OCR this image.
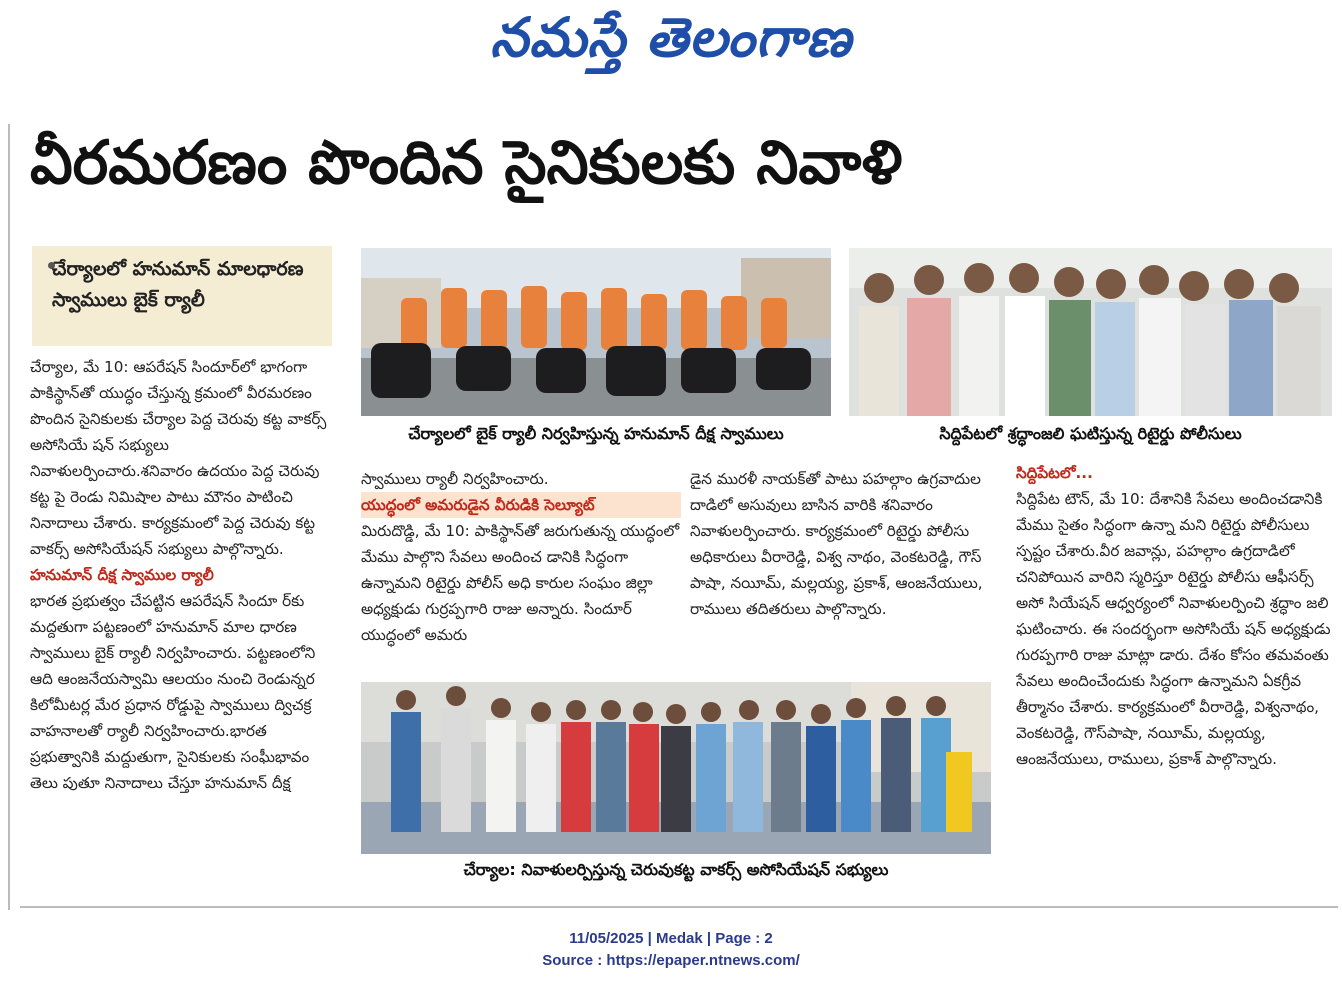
నమస్తే తెలంగాణ
వీరమరణం పొందిన సైనికులకు నివాళి
చేర్యాలలో హనుమాన్ మాలధారణ స్వాములు బైక్ ర్యాలీ

చేర్యాల, మే 10: ఆపరేషన్ సిందూర్‌లో భాగంగా పాకిస్థాన్‌తో యుద్ధం చేస్తున్న క్రమంలో వీరమరణం పొందిన సైనికులకు చేర్యాల పెద్ద చెరువు కట్ట వాకర్స్ అసోసియే షన్ సభ్యులు నివాళులర్పించారు.శనివారం ఉదయం పెద్ద చెరువు కట్ట పై రెండు నిమిషాల పాటు మౌనం పాటించి నినాదాలు చేశారు. కార్యక్రమంలో పెద్ద చెరువు కట్ట వాకర్స్ అసోసియేషన్ సభ్యులు పాల్గొన్నారు.

హనుమాన్ దీక్ష స్వాముల ర్యాలీ

భారత ప్రభుత్వం చేపట్టిన ఆపరేషన్ సిందూ ర్‌కు మద్దతుగా పట్టణంలో హనుమాన్ మాల ధారణ స్వాములు బైక్ ర్యాలీ నిర్వహించారు. పట్టణంలోని ఆది ఆంజనేయస్వామి ఆలయం నుంచి రెండున్నర కిలోమీటర్ల మేర ప్రధాన రోడ్డుపై స్వాములు ద్విచక్ర వాహనాలతో ర్యాలీ నిర్వహించారు.భారత ప్రభుత్వానికి మద్దుతుగా, సైనికులకు సంఘీభావం తెలు పుతూ నినాదాలు చేస్తూ హనుమాన్ దీక్ష

చేర్యాలలో బైక్ ర్యాలీ నిర్వహిస్తున్న హనుమాన్ దీక్ష స్వాములు	సిద్దిపేటలో శ్రద్ధాంజలి ఘటిస్తున్న రిటైర్డు పోలీసులు

స్వాములు ర్యాలీ నిర్వహించారు.

యుద్ధంలో అమరుడైన వీరుడికి సెల్యూట్

మిరుదొడ్డి, మే 10: పాకిస్థాన్‌తో జరుగుతున్న యుద్ధంలో మేము పాల్గొని సేవలు అందించ డానికి సిద్ధంగా ఉన్నామని రిటైర్డు పోలీస్ అధి కారుల సంఘం జిల్లా అధ్యక్షుడు గుర్రప్పగారి రాజు అన్నారు. సిందూర్ యుద్ధంలో అమరు

డైన మురళీ నాయక్‌తో పాటు పహల్గాం ఉగ్రవాదుల దాడిలో అసువులు బాసిన వారికి శనివారం నివాళులర్పించారు. కార్యక్రమంలో రిటైర్డు పోలీసు అధికారులు వీరారెడ్డి, విశ్వ నాథం, వెంకటరెడ్డి, గౌస్ పాషా, నయీమ్, మల్లయ్య, ప్రకాశ్, ఆంజనేయులు, రాములు తదితరులు పాల్గొన్నారు.

సిద్దిపేటలో...

సిద్దిపేట టౌన్, మే 10: దేశానికి సేవలు అందించడానికి మేము సైతం సిద్ధంగా ఉన్నా మని రిటైర్డు పోలీసులు స్పష్టం చేశారు.వీర జవాన్లు, పహల్గాం ఉగ్రదాడిలో చనిపోయిన వారిని స్మరిస్తూ రిటైర్డు పోలీసు ఆఫీసర్స్ అసో సియేషన్ ఆధ్వర్యంలో నివాళులర్పించి శ్రద్ధాం జలి ఘటించారు. ఈ సందర్భంగా అసోసియే షన్ అధ్యక్షుడు గురప్పగారి రాజు మాట్లా డారు. దేశం కోసం తమవంతు సేవలు అందించేందుకు సిద్ధంగా ఉన్నామని ఏకగ్రీవ తీర్మానం చేశారు. కార్యక్రమంలో వీరారెడ్డి, విశ్వనాథం, వెంకటరెడ్డి, గౌస్‌పాషా, నయీమ్, మల్లయ్య, ఆంజనేయులు, రాములు, ప్రకాశ్ పాల్గొన్నారు.

చేర్యాల: నివాళులర్పిస్తున్న చెరువుకట్ట వాకర్స్ అసోసియేషన్ సభ్యులు
11/05/2025 | Medak | Page : 2
Source : https://epaper.ntnews.com/
